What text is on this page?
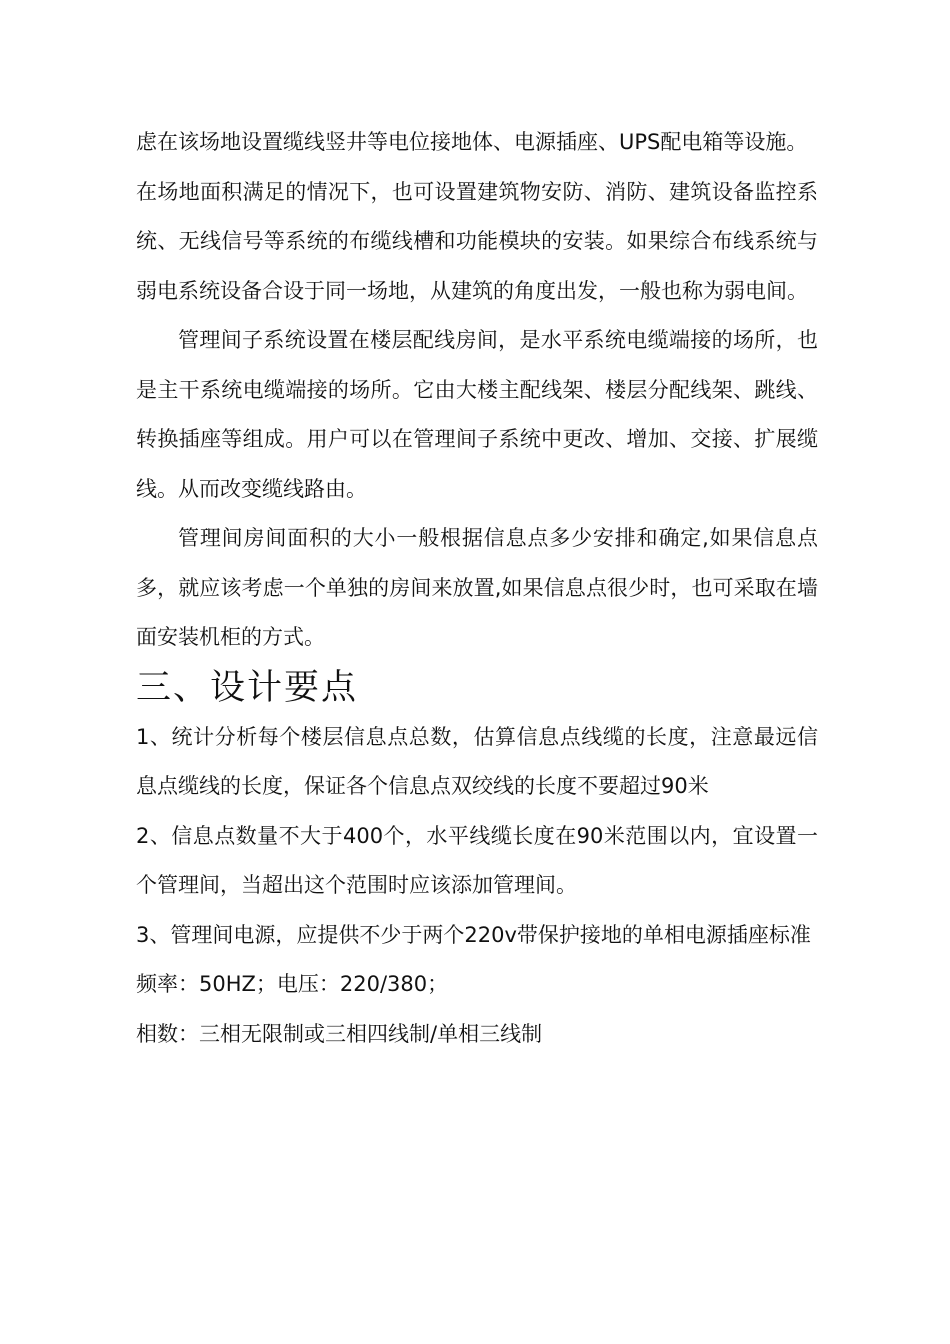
虑在该场地设置缆线竖井等电位接地体、电源插座、UPS配电箱等设施。

在场地面积满足的情况下，也可设置建筑物安防、消防、建筑设备监控系统、无线信号等系统的布缆线槽和功能模块的安装。如果综合布线系统与弱电系统设备合设于同一场地，从建筑的角度出发，一般也称为弱电间。

管理间子系统设置在楼层配线房间，是水平系统电缆端接的场所，也是主干系统电缆端接的场所。它由大楼主配线架、楼层分配线架、跳线、转换插座等组成。用户可以在管理间子系统中更改、增加、交接、扩展缆线。从而改变缆线路由。

管理间房间面积的大小一般根据信息点多少安排和确定,如果信息点多，就应该考虑一个单独的房间来放置,如果信息点很少时，也可采取在墙面安装机柜的方式。

三、设计要点

1、统计分析每个楼层信息点总数，估算信息点线缆的长度，注意最远信息点缆线的长度，保证各个信息点双绞线的长度不要超过90米

2、信息点数量不大于400个，水平线缆长度在90米范围以内，宜设置一个管理间，当超出这个范围时应该添加管理间。

3、管理间电源，应提供不少于两个220v带保护接地的单相电源插座标准

频率：50HZ；电压：220/380；

相数：三相无限制或三相四线制/单相三线制
